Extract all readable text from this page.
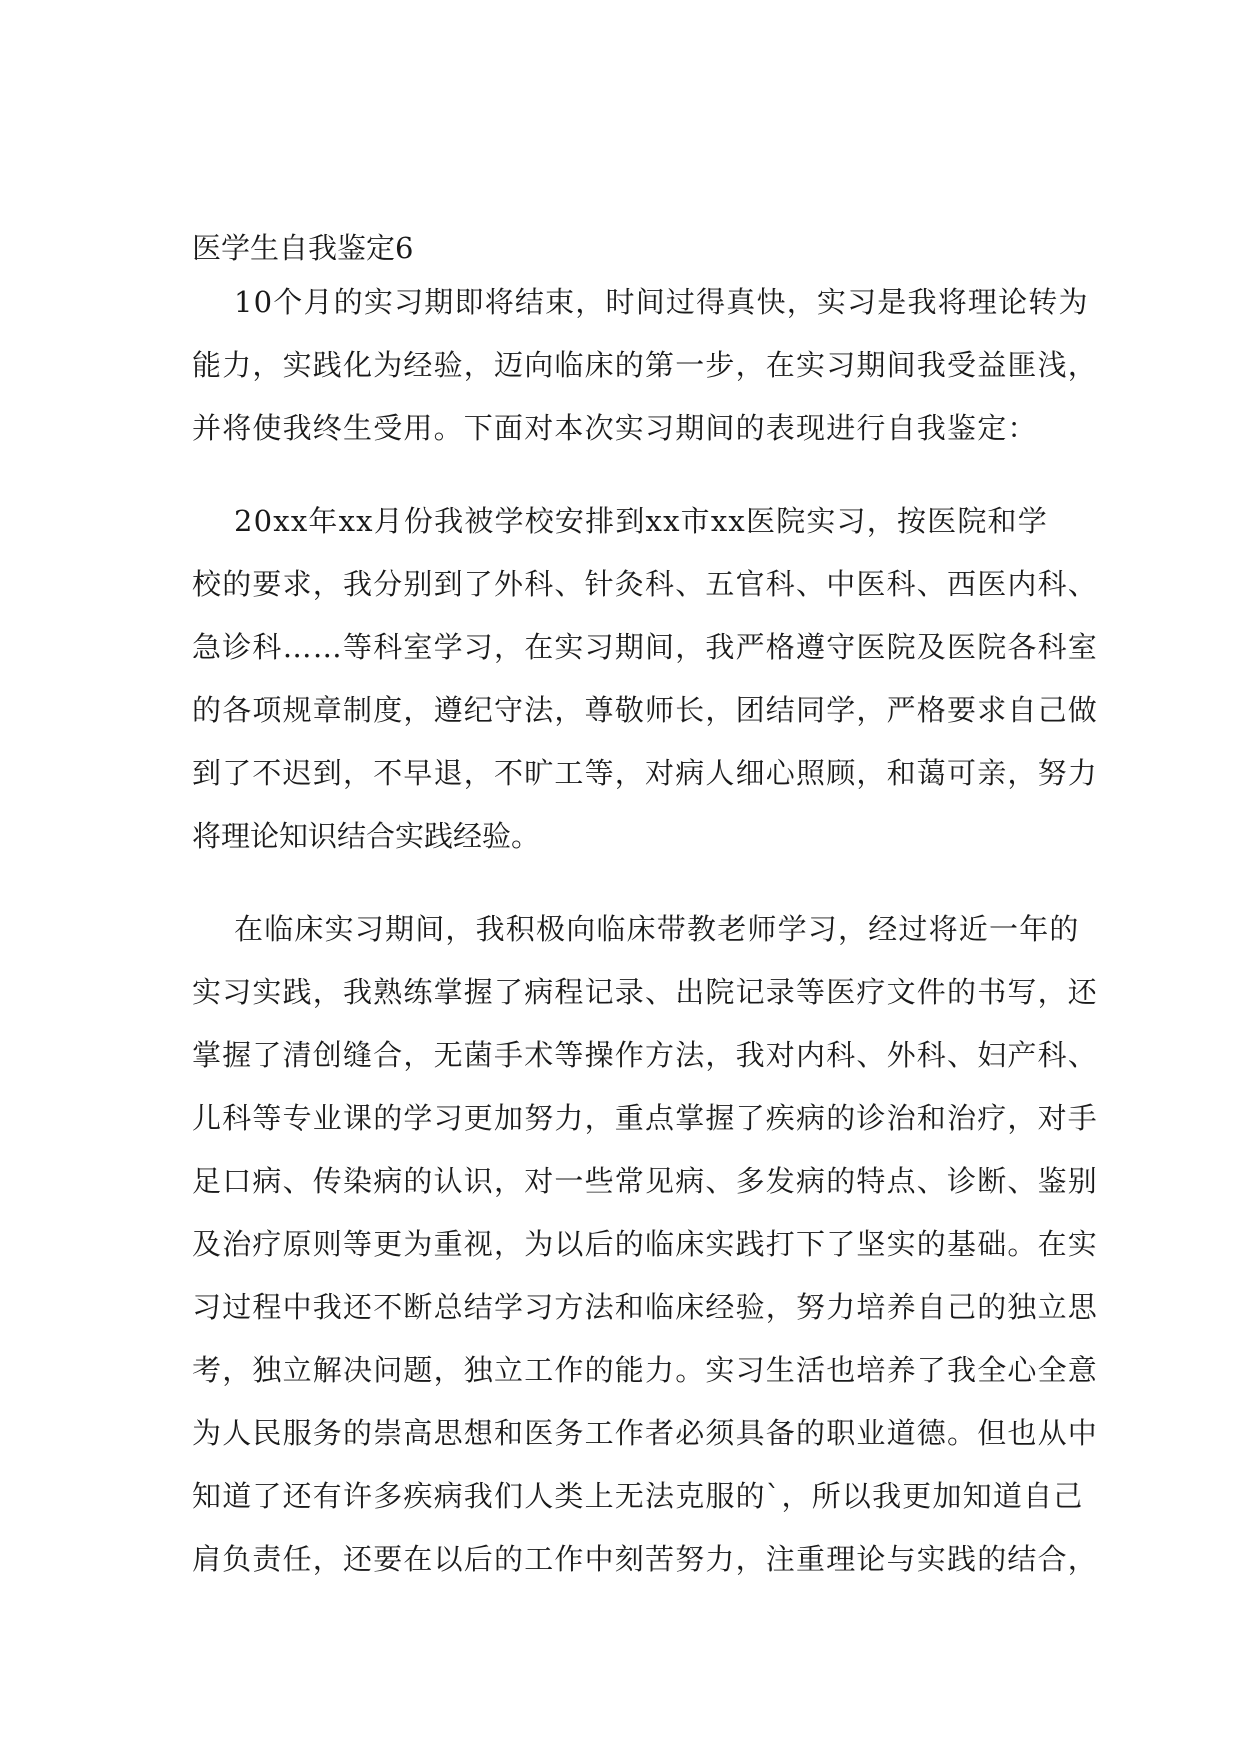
医学生自我鉴定6

10个月的实习期即将结束，时间过得真快，实习是我将理论转为
能力，实践化为经验，迈向临床的第一步，在实习期间我受益匪浅，
并将使我终生受用。下面对本次实习期间的表现进行自我鉴定：

20xx年xx月份我被学校安排到xx市xx医院实习，按医院和学
校的要求，我分别到了外科、针灸科、五官科、中医科、西医内科、
急诊科……等科室学习，在实习期间，我严格遵守医院及医院各科室
的各项规章制度，遵纪守法，尊敬师长，团结同学，严格要求自己做
到了不迟到，不早退，不旷工等，对病人细心照顾，和蔼可亲，努力
将理论知识结合实践经验。

在临床实习期间，我积极向临床带教老师学习，经过将近一年的
实习实践，我熟练掌握了病程记录、出院记录等医疗文件的书写，还
掌握了清创缝合，无菌手术等操作方法，我对内科、外科、妇产科、
儿科等专业课的学习更加努力，重点掌握了疾病的诊治和治疗，对手
足口病、传染病的认识，对一些常见病、多发病的特点、诊断、鉴别
及治疗原则等更为重视，为以后的临床实践打下了坚实的基础。在实
习过程中我还不断总结学习方法和临床经验，努力培养自己的独立思
考，独立解决问题，独立工作的能力。实习生活也培养了我全心全意
为人民服务的崇高思想和医务工作者必须具备的职业道德。但也从中
知道了还有许多疾病我们人类上无法克服的`，所以我更加知道自己
肩负责任，还要在以后的工作中刻苦努力，注重理论与实践的结合，
